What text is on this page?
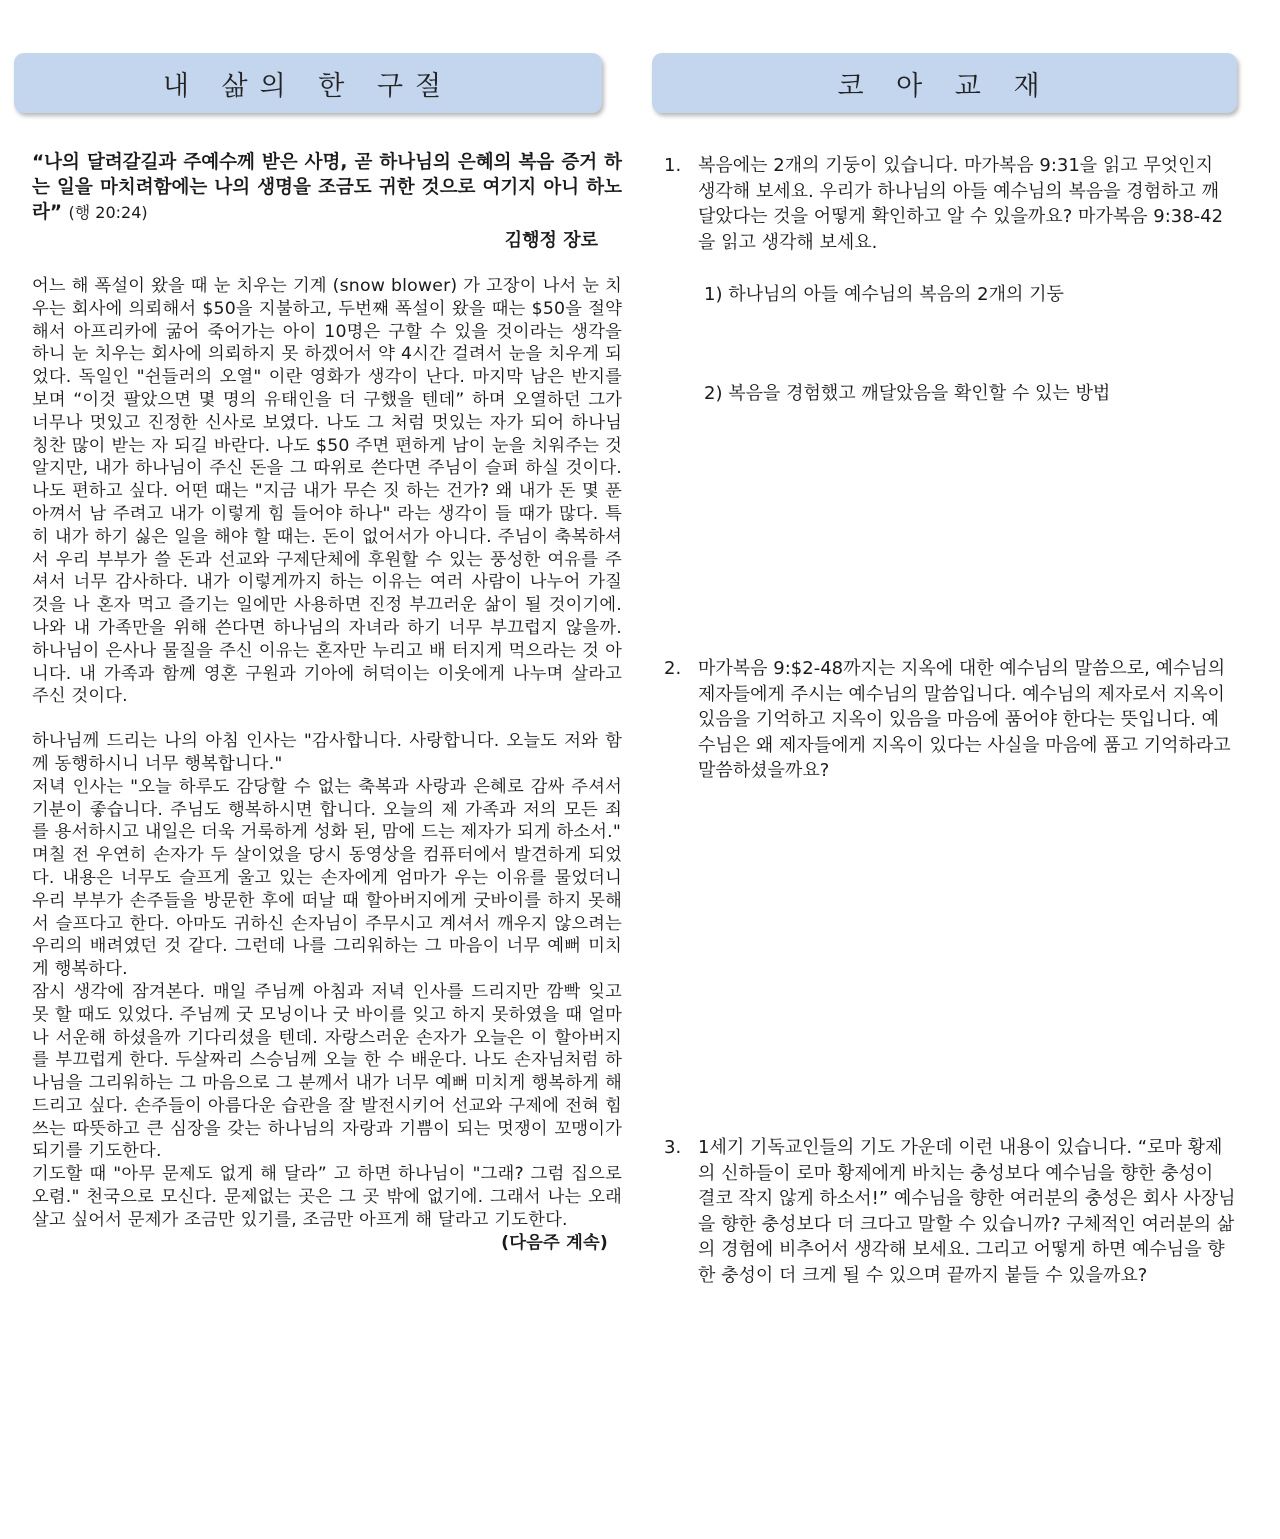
내 삶의 한 구절	코 아 교 재
“나의 달려갈길과 주예수께 받은 사명, 곧 하나님의 은혜의 복음 증거 하는 일을 마치려함에는 나의 생명을 조금도 귀한 것으로 여기지 아니 하노라” (행 20:24)
김행정 장로

어느 해 폭설이 왔을 때 눈 치우는 기계 (snow blower) 가 고장이 나서 눈 치우는 회사에 의뢰해서 $50을 지불하고, 두번째 폭설이 왔을 때는 $50을 절약해서 아프리카에 굶어 죽어가는 아이 10명은 구할 수 있을 것이라는 생각을 하니 눈 치우는 회사에 의뢰하지 못 하겠어서 약 4시간 걸려서 눈을 치우게 되었다. 독일인 "쉰들러의 오열" 이란 영화가 생각이 난다. 마지막 남은 반지를 보며 “이것 팔았으면 몇 명의 유태인을 더 구했을 텐데” 하며 오열하던 그가 너무나 멋있고 진정한 신사로 보였다. 나도 그 처럼 멋있는 자가 되어 하나님 칭찬 많이 받는 자 되길 바란다. 나도 $50 주면 편하게 남이 눈을 치워주는 것 알지만, 내가 하나님이 주신 돈을 그 따위로 쓴다면 주님이 슬퍼 하실 것이다. 나도 편하고 싶다. 어떤 때는 "지금 내가 무슨 짓 하는 건가? 왜 내가 돈 몇 푼 아껴서 남 주려고 내가 이렇게 힘 들어야 하나" 라는 생각이 들 때가 많다. 특히 내가 하기 싫은 일을 해야 할 때는. 돈이 없어서가 아니다. 주님이 축복하셔서 우리 부부가 쓸 돈과 선교와 구제단체에 후원할 수 있는 풍성한 여유를 주셔서 너무 감사하다. 내가 이렇게까지 하는 이유는 여러 사람이 나누어 가질 것을 나 혼자 먹고 즐기는 일에만 사용하면 진정 부끄러운 삶이 될 것이기에. 나와 내 가족만을 위해 쓴다면 하나님의 자녀라 하기 너무 부끄럽지 않을까. 하나님이 은사나 물질을 주신 이유는 혼자만 누리고 배 터지게 먹으라는 것 아니다. 내 가족과 함께 영혼 구원과 기아에 허덕이는 이웃에게 나누며 살라고 주신 것이다.

하나님께 드리는 나의 아침 인사는 "감사합니다. 사랑합니다. 오늘도 저와 함께 동행하시니 너무 행복합니다."

저녁 인사는 "오늘 하루도 감당할 수 없는 축복과 사랑과 은혜로 감싸 주셔서 기분이 좋습니다. 주님도 행복하시면 합니다. 오늘의 제 가족과 저의 모든 죄를 용서하시고 내일은 더욱 거룩하게 성화 된, 맘에 드는 제자가 되게 하소서."

며칠 전 우연히 손자가 두 살이었을 당시 동영상을 컴퓨터에서 발견하게 되었다. 내용은 너무도 슬프게 울고 있는 손자에게 엄마가 우는 이유를 물었더니 우리 부부가 손주들을 방문한 후에 떠날 때 할아버지에게 굿바이를 하지 못해서 슬프다고 한다. 아마도 귀하신 손자님이 주무시고 계셔서 깨우지 않으려는 우리의 배려였던 것 같다. 그런데 나를 그리워하는 그 마음이 너무 예뻐 미치게 행복하다.

잠시 생각에 잠겨본다. 매일 주님께 아침과 저녁 인사를 드리지만 깜빡 잊고 못 할 때도 있었다. 주님께 굿 모닝이나 굿 바이를 잊고 하지 못하였을 때 얼마나 서운해 하셨을까 기다리셨을 텐데. 자랑스러운 손자가 오늘은 이 할아버지를 부끄럽게 한다. 두살짜리 스승님께 오늘 한 수 배운다. 나도 손자님처럼 하나님을 그리워하는 그 마음으로 그 분께서 내가 너무 예뻐 미치게 행복하게 해 드리고 싶다. 손주들이 아름다운 습관을 잘 발전시키어 선교와 구제에 전혀 힘쓰는 따뜻하고 큰 심장을 갖는 하나님의 자랑과 기쁨이 되는 멋쟁이 꼬맹이가 되기를 기도한다.

기도할 때 "아무 문제도 없게 해 달라” 고 하면 하나님이 "그래? 그럼 집으로 오렴." 천국으로 모신다. 문제없는 곳은 그 곳 밖에 없기에. 그래서 나는 오래 살고 싶어서 문제가 조금만 있기를, 조금만 아프게 해 달라고 기도한다.
(다음주 계속)

1. 복음에는 2개의 기둥이 있습니다. 마가복음 9:31을 읽고 무엇인지 생각해 보세요. 우리가 하나님의 아들 예수님의 복음을 경험하고 깨달았다는 것을 어떻게 확인하고 알 수 있을까요? 마가복음 9:38-42을 읽고 생각해 보세요.
1) 하나님의 아들 예수님의 복음의 2개의 기둥
2) 복음을 경험했고 깨달았음을 확인할 수 있는 방법
2. 마가복음 9:$2-48까지는 지옥에 대한 예수님의 말씀으로, 예수님의 제자들에게 주시는 예수님의 말씀입니다. 예수님의 제자로서 지옥이 있음을 기억하고 지옥이 있음을 마음에 품어야 한다는 뜻입니다. 예수님은 왜 제자들에게 지옥이 있다는 사실을 마음에 품고 기억하라고 말씀하셨을까요?
3. 1세기 기독교인들의 기도 가운데 이런 내용이 있습니다. “로마 황제의 신하들이 로마 황제에게 바치는 충성보다 예수님을 향한 충성이 결코 작지 않게 하소서!” 예수님을 향한 여러분의 충성은 회사 사장님을 향한 충성보다 더 크다고 말할 수 있습니까? 구체적인 여러분의 삶의 경험에 비추어서 생각해 보세요. 그리고 어떻게 하면 예수님을 향한 충성이 더 크게 될 수 있으며 끝까지 붙들 수 있을까요?
